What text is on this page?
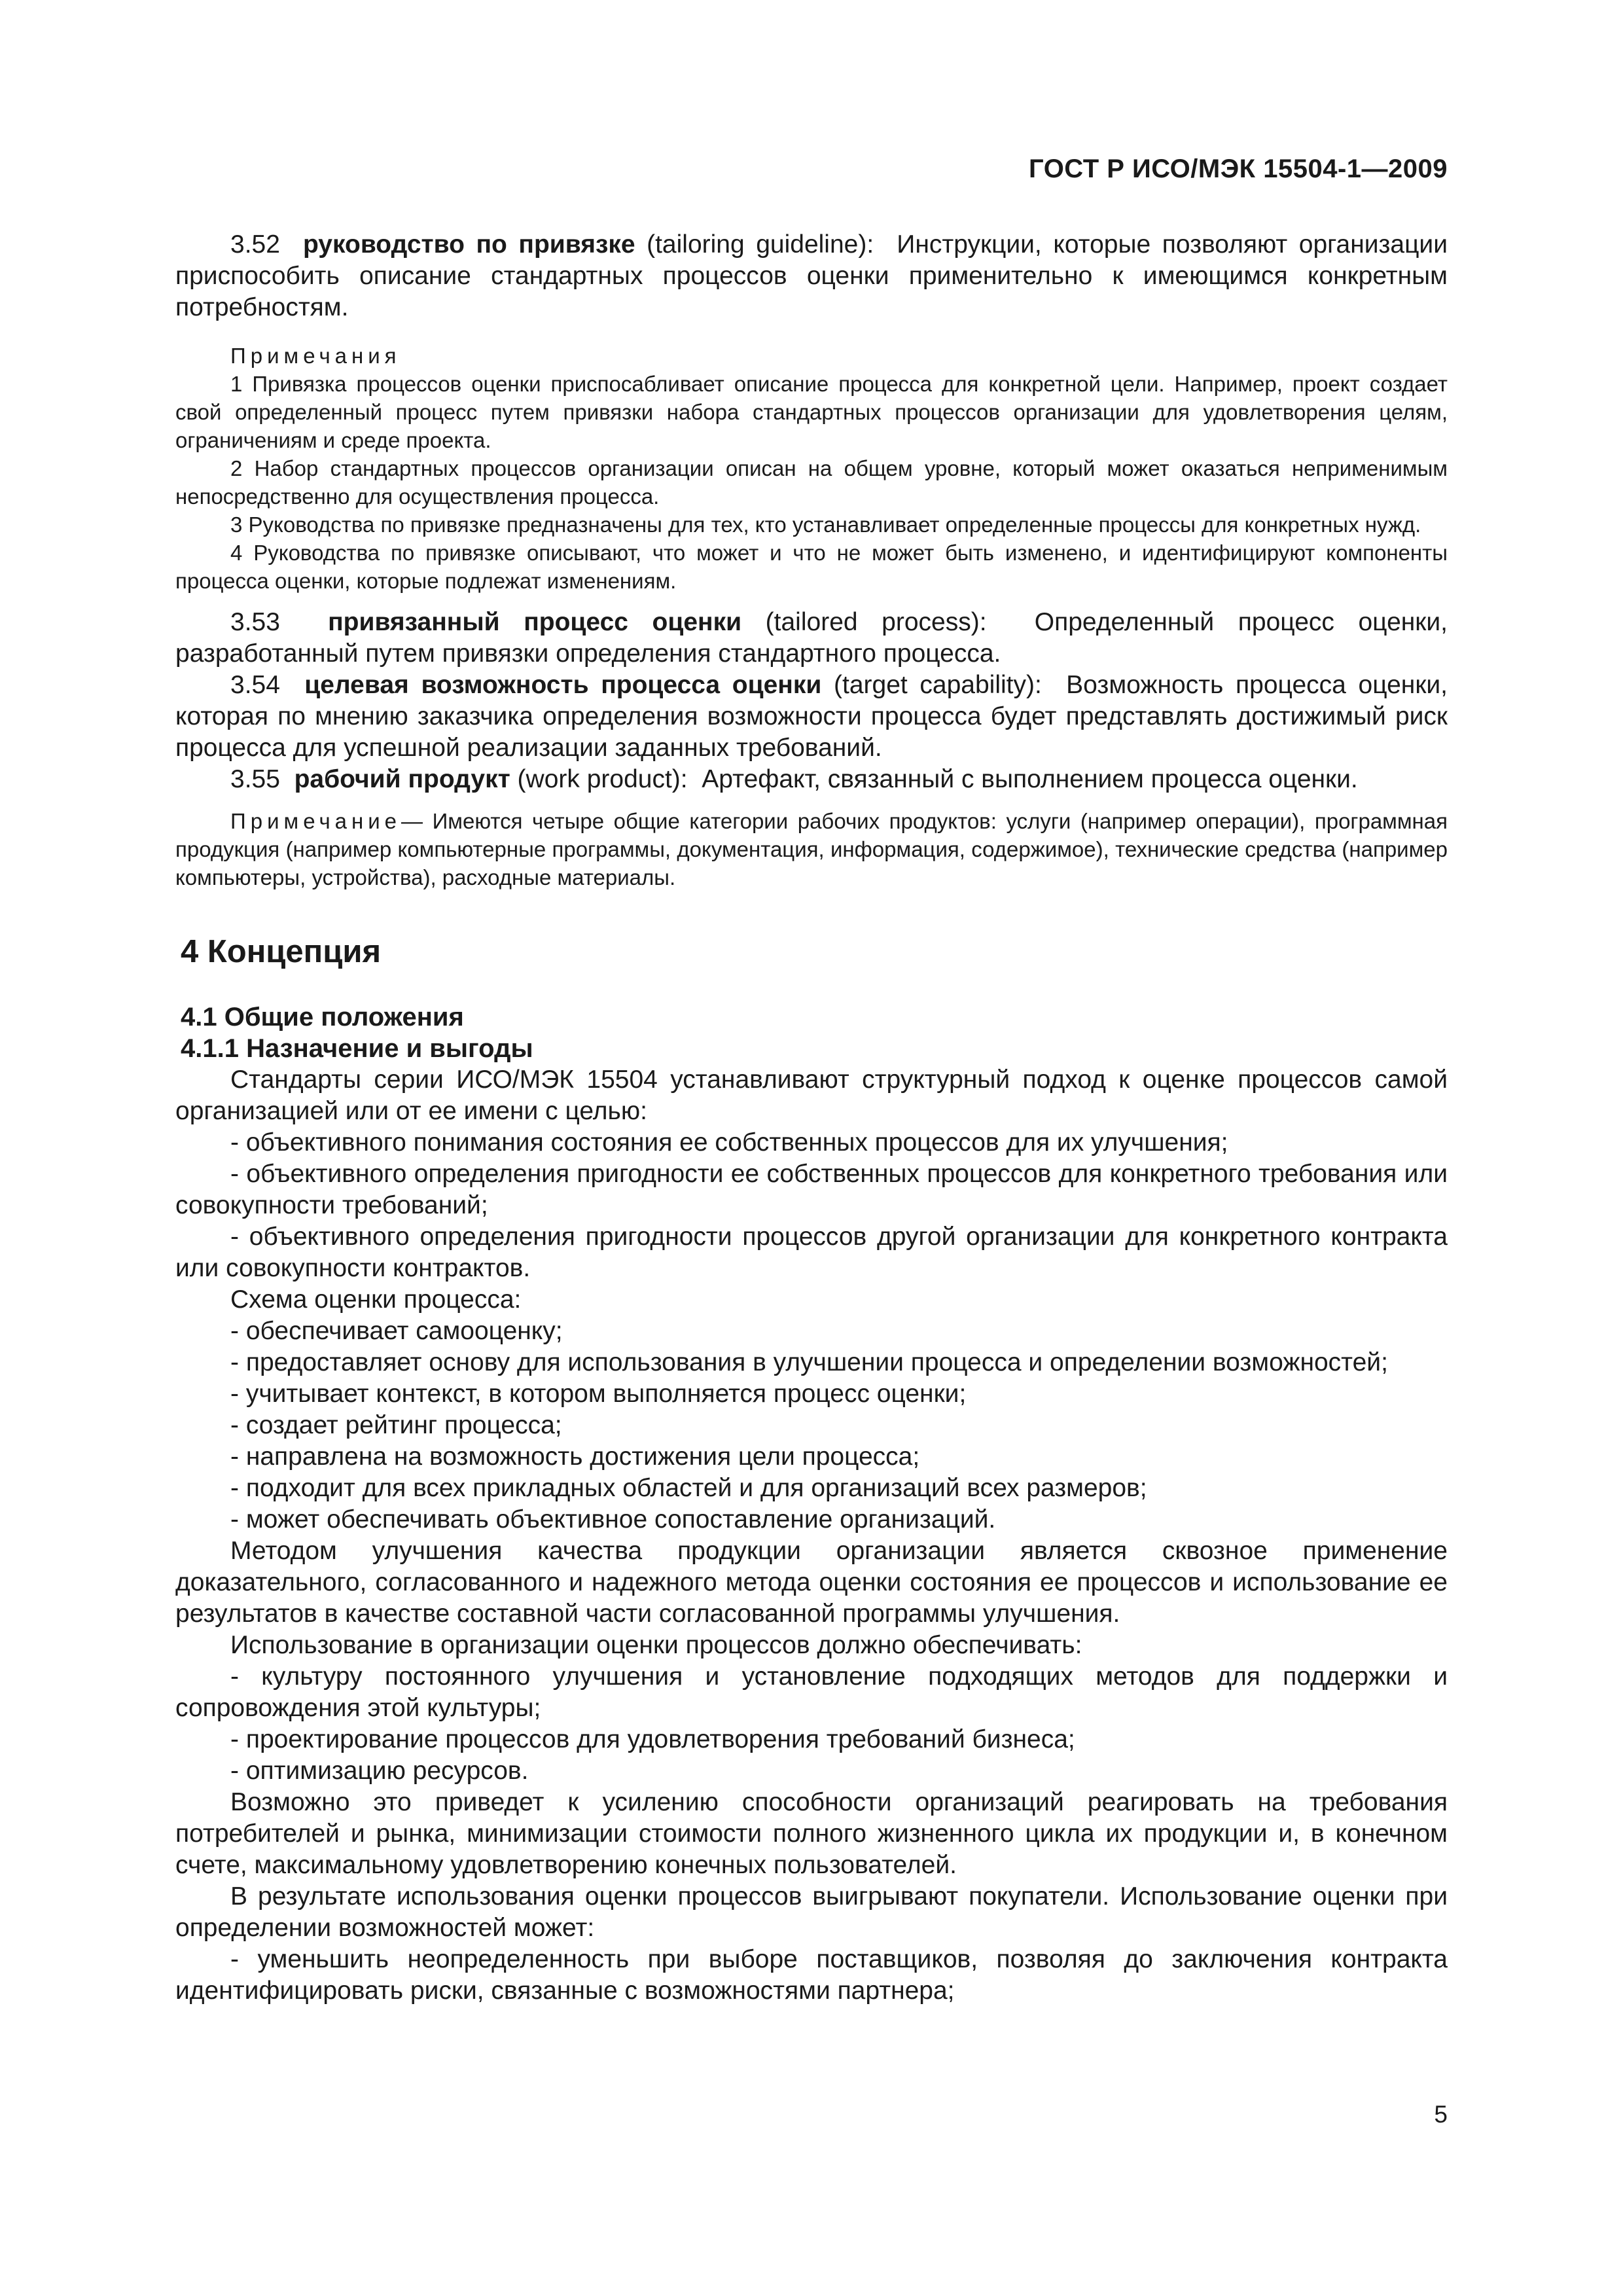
ГОСТ Р ИСО/МЭК 15504-1—2009

3.52 руководство по привязке (tailoring guideline): Инструкции, которые позволяют организации приспособить описание стандартных процессов оценки применительно к имеющимся конкретным потребностям.

Примечания

1 Привязка процессов оценки приспосабливает описание процесса для конкретной цели. Например, проект создает свой определенный процесс путем привязки набора стандартных процессов организации для удовлетворения целям, ограничениям и среде проекта.

2 Набор стандартных процессов организации описан на общем уровне, который может оказаться неприменимым непосредственно для осуществления процесса.

3 Руководства по привязке предназначены для тех, кто устанавливает определенные процессы для конкретных нужд.

4 Руководства по привязке описывают, что может и что не может быть изменено, и идентифицируют компоненты процесса оценки, которые подлежат изменениям.

3.53 привязанный процесс оценки (tailored process): Определенный процесс оценки, разработанный путем привязки определения стандартного процесса.

3.54 целевая возможность процесса оценки (target capability): Возможность процесса оценки, которая по мнению заказчика определения возможности процесса будет представлять достижимый риск процесса для успешной реализации заданных требований.

3.55 рабочий продукт (work product): Артефакт, связанный с выполнением процесса оценки.

Примечание— Имеются четыре общие категории рабочих продуктов: услуги (например операции), программная продукция (например компьютерные программы, документация, информация, содержимое), технические средства (например компьютеры, устройства), расходные материалы.

4 Концепция
4.1 Общие положения
4.1.1 Назначение и выгоды

Стандарты серии ИСО/МЭК 15504 устанавливают структурный подход к оценке процессов самой организацией или от ее имени с целью:

- объективного понимания состояния ее собственных процессов для их улучшения;

- объективного определения пригодности ее собственных процессов для конкретного требования или совокупности требований;

- объективного определения пригодности процессов другой организации для конкретного контракта или совокупности контрактов.

Схема оценки процесса:

- обеспечивает самооценку;

- предоставляет основу для использования в улучшении процесса и определении возможностей;

- учитывает контекст, в котором выполняется процесс оценки;

- создает рейтинг процесса;

- направлена на возможность достижения цели процесса;

- подходит для всех прикладных областей и для организаций всех размеров;

- может обеспечивать объективное сопоставление организаций.

Методом улучшения качества продукции организации является сквозное применение доказательного, согласованного и надежного метода оценки состояния ее процессов и использование ее результатов в качестве составной части согласованной программы улучшения.

Использование в организации оценки процессов должно обеспечивать:

- культуру постоянного улучшения и установление подходящих методов для поддержки и сопровождения этой культуры;

- проектирование процессов для удовлетворения требований бизнеса;

- оптимизацию ресурсов.

Возможно это приведет к усилению способности организаций реагировать на требования потребителей и рынка, минимизации стоимости полного жизненного цикла их продукции и, в конечном счете, максимальному удовлетворению конечных пользователей.

В результате использования оценки процессов выигрывают покупатели. Использование оценки при определении возможностей может:

- уменьшить неопределенность при выборе поставщиков, позволяя до заключения контракта идентифицировать риски, связанные с возможностями партнера;

5
